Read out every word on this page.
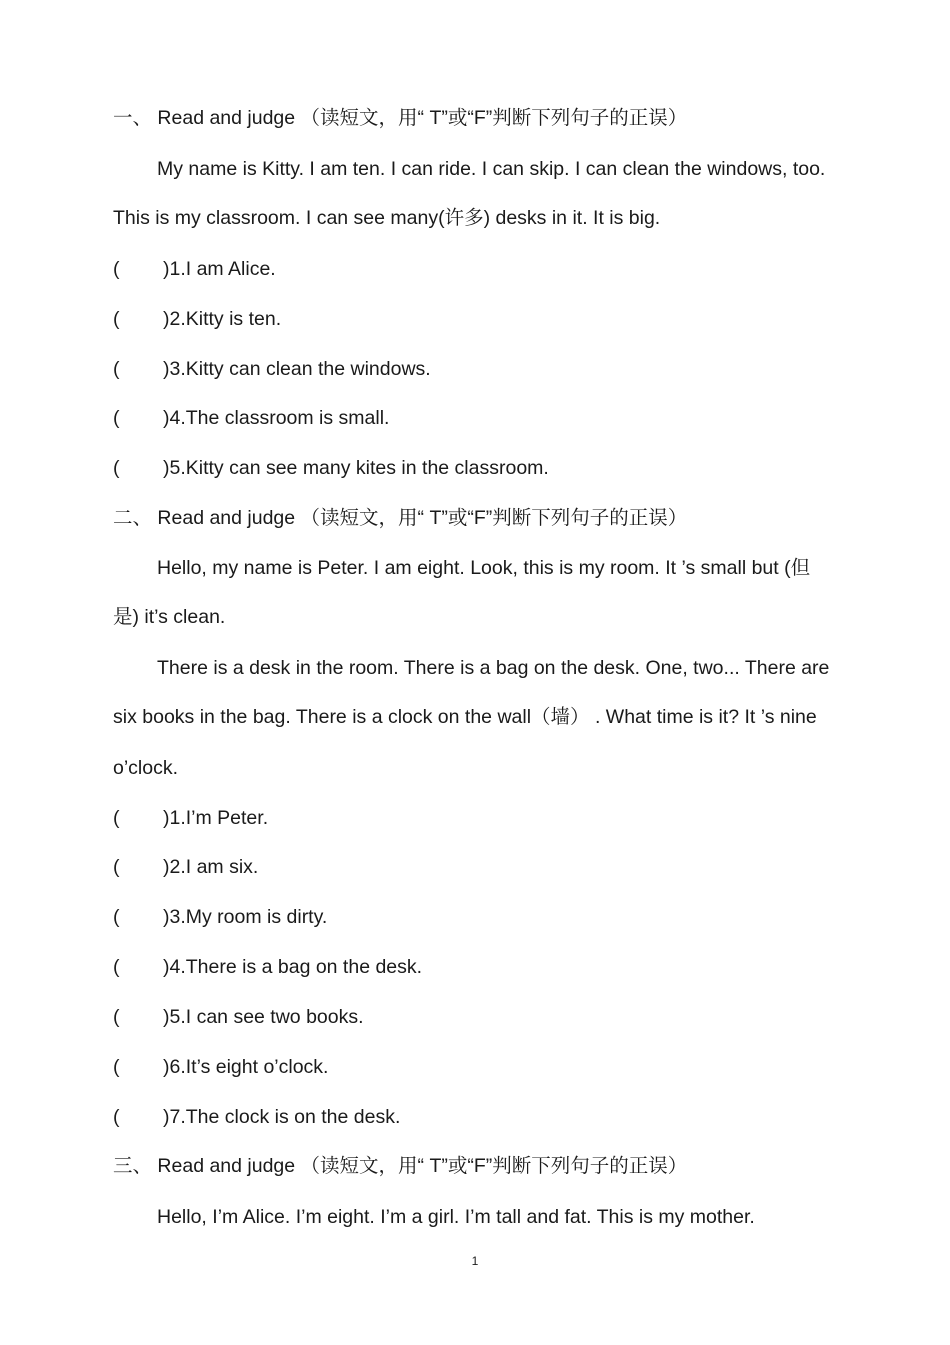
一、 Read and judge （读短文，用“ T”或“F”判断下列句子的正误）
My name is Kitty. I am ten. I can ride. I can skip. I can clean the windows, too.
This is my classroom. I can see many(许多) desks in it. It is big.
( )1.I am Alice.
( )2.Kitty is ten.
( )3.Kitty can clean the windows.
( )4.The classroom is small.
( )5.Kitty can see many kites in the classroom.
二、 Read and judge （读短文，用“ T”或“F”判断下列句子的正误）
Hello, my name is Peter. I am eight. Look, this is my room. It ’s small but (但
是) it’s clean.
There is a desk in the room. There is a bag on the desk. One, two... There are
six books in the bag. There is a clock on the wall（墙） . What time is it? It ’s nine
o’clock.
( )1.I’m Peter.
( )2.I am six.
( )3.My room is dirty.
( )4.There is a bag on the desk.
( )5.I can see two books.
( )6.It’s eight o’clock.
( )7.The clock is on the desk.
三、 Read and judge （读短文，用“ T”或“F”判断下列句子的正误）
Hello, I’m Alice. I’m eight. I’m a girl. I’m tall and fat. This is my mother.
1
